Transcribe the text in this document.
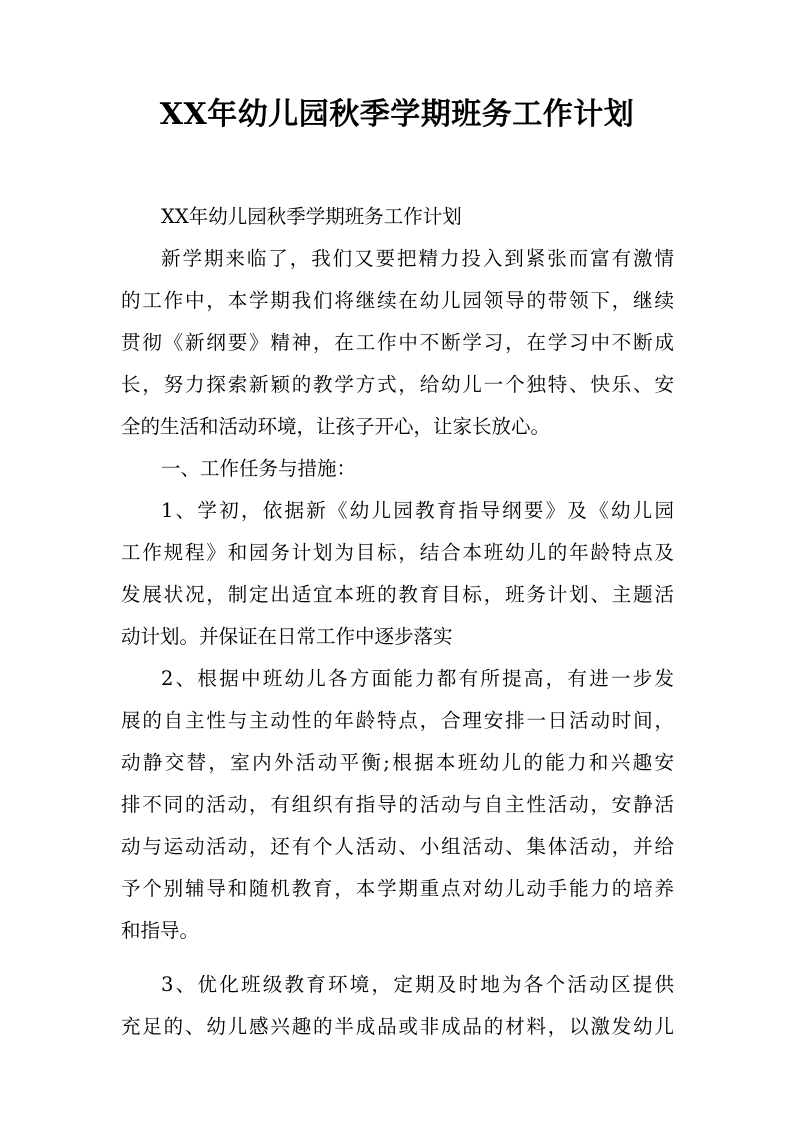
XX年幼儿园秋季学期班务工作计划
XX年幼儿园秋季学期班务工作计划
新学期来临了，我们又要把精力投入到紧张而富有激情
的工作中，本学期我们将继续在幼儿园领导的带领下，继续
贯彻《新纲要》精神，在工作中不断学习，在学习中不断成
长，努力探索新颖的教学方式，给幼儿一个独特、快乐、安
全的生活和活动环境，让孩子开心，让家长放心。
一、工作任务与措施：
1、学初，依据新《幼儿园教育指导纲要》及《幼儿园
工作规程》和园务计划为目标，结合本班幼儿的年龄特点及
发展状况，制定出适宜本班的教育目标，班务计划、主题活
动计划。并保证在日常工作中逐步落实
2、根据中班幼儿各方面能力都有所提高，有进一步发
展的自主性与主动性的年龄特点，合理安排一日活动时间，
动静交替，室内外活动平衡;根据本班幼儿的能力和兴趣安
排不同的活动，有组织有指导的活动与自主性活动，安静活
动与运动活动，还有个人活动、小组活动、集体活动，并给
予个别辅导和随机教育，本学期重点对幼儿动手能力的培养
和指导。
3、优化班级教育环境，定期及时地为各个活动区提供
充足的、幼儿感兴趣的半成品或非成品的材料，以激发幼儿
